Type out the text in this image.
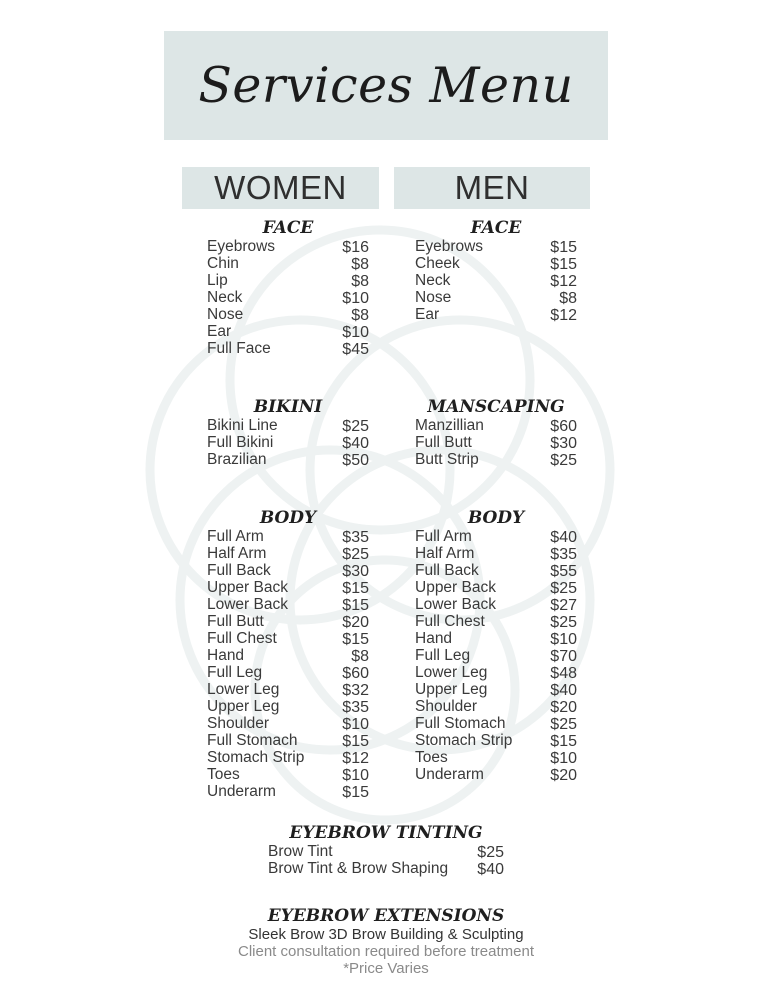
Services Menu
WOMEN	MEN
FACE
Eyebrows	$16
Chin	$8
Lip	$8
Neck	$10
Nose	$8
Ear	$10
Full Face	$45
BIKINI
Bikini Line	$25
Full Bikini	$40
Brazilian	$50
BODY
Full Arm	$35
Half Arm	$25
Full Back	$30
Upper Back	$15
Lower Back	$15
Full Butt	$20
Full Chest	$15
Hand	$8
Full Leg	$60
Lower Leg	$32
Upper Leg	$35
Shoulder	$10
Full Stomach	$15
Stomach Strip $12
Toes	$10
Underarm	$15
FACE
Eyebrows	$15
Cheek	$15
Neck	$12
Nose	$8
Ear	$12
MANSCAPING
Manzillian	$60
Full Butt	$30
Butt Strip	$25
BODY
Full Arm	$40
Half Arm	$35
Full Back	$55
Upper Back	$25
Lower Back	$27
Full Chest	$25
Hand	$10
Full Leg	$70
Lower Leg	$48
Upper Leg	$40
Shoulder	$20
Full Stomach	$25
Stomach Strip $15
Toes	$10
Underarm	$20
EYEBROW TINTING
Brow Tint	$25
Brow Tint & Brow Shaping $40
EYEBROW EXTENSIONS
Sleek Brow 3D Brow Building & Sculpting
Client consultation required before treatment
*Price Varies
